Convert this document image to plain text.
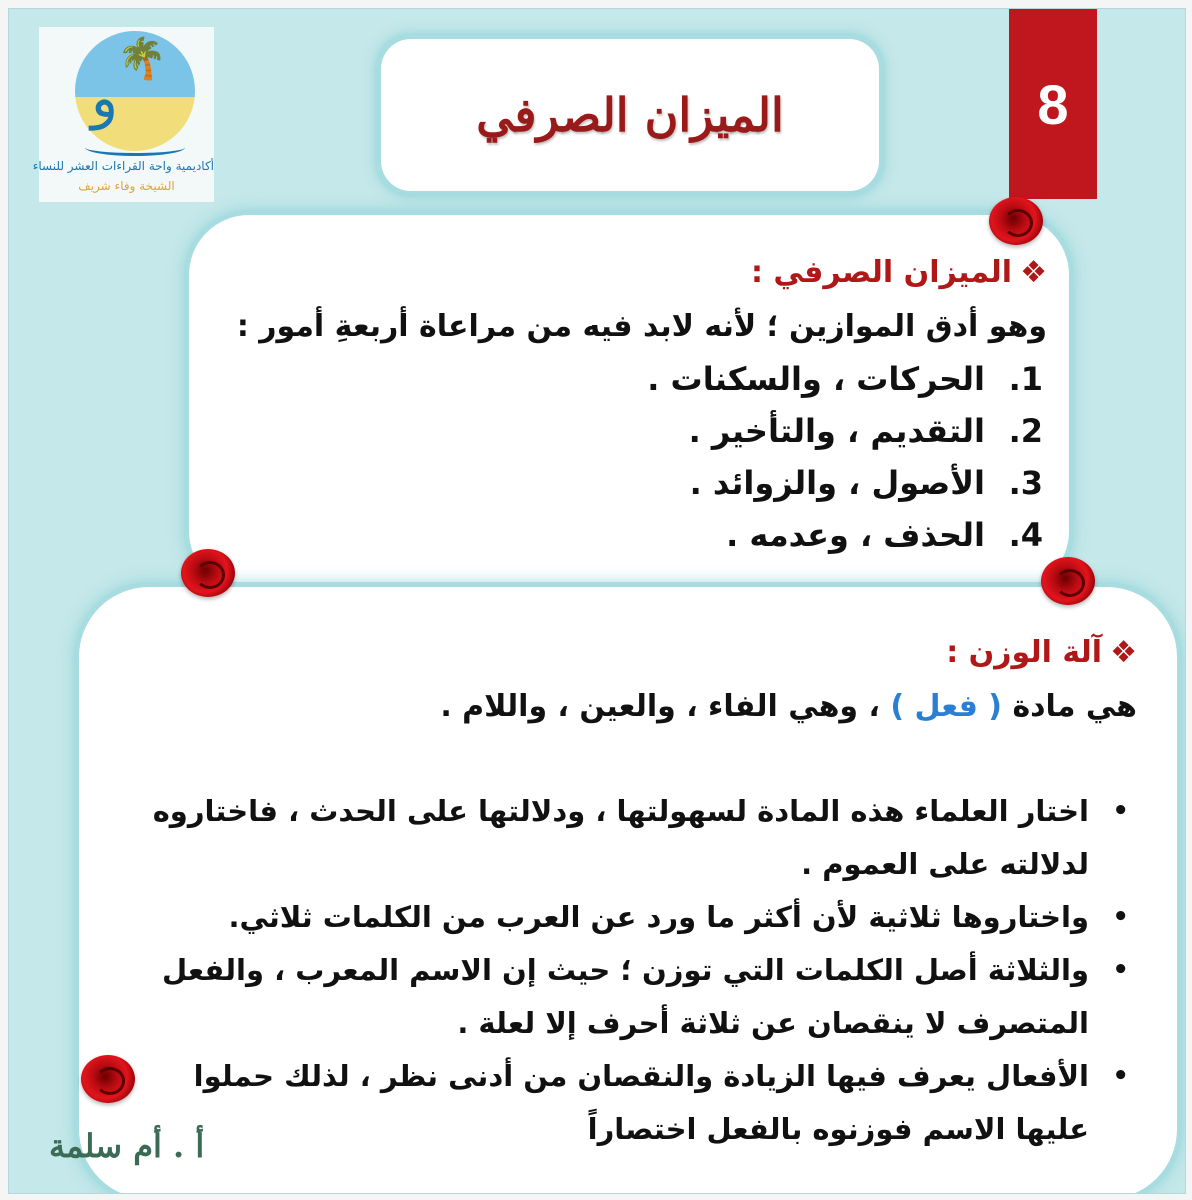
🌴
و
أكاديمية واحة القراءات العشر للنساء
الشيخة وفاء شريف
الميزان الصرفي	8
❖الميزان الصرفي :
وهو أدق الموازين ؛ لأنه لابد فيه من مراعاة أربعةِ أمور :
1.الحركات ، والسكنات .
2.التقديم ، والتأخير .
3.الأصول ، والزوائد .
4.الحذف ، وعدمه .
❖آلة الوزن :
هي مادة ( فعل ) ، وهي الفاء ، والعين ، واللام .
• اختار العلماء هذه المادة لسهولتها ، ودلالتها على الحدث ، فاختاروه لدلالته على العموم .
• واختاروها ثلاثية لأن أكثر ما ورد عن العرب من الكلمات ثلاثي.
• والثلاثة أصل الكلمات التي توزن ؛ حيث إن الاسم المعرب ، والفعل المتصرف لا ينقصان عن ثلاثة أحرف إلا لعلة .
• الأفعال يعرف فيها الزيادة والنقصان من أدنى نظر ، لذلك حملوا عليها الاسم فوزنوه بالفعل اختصاراً
أ . أم سلمة
